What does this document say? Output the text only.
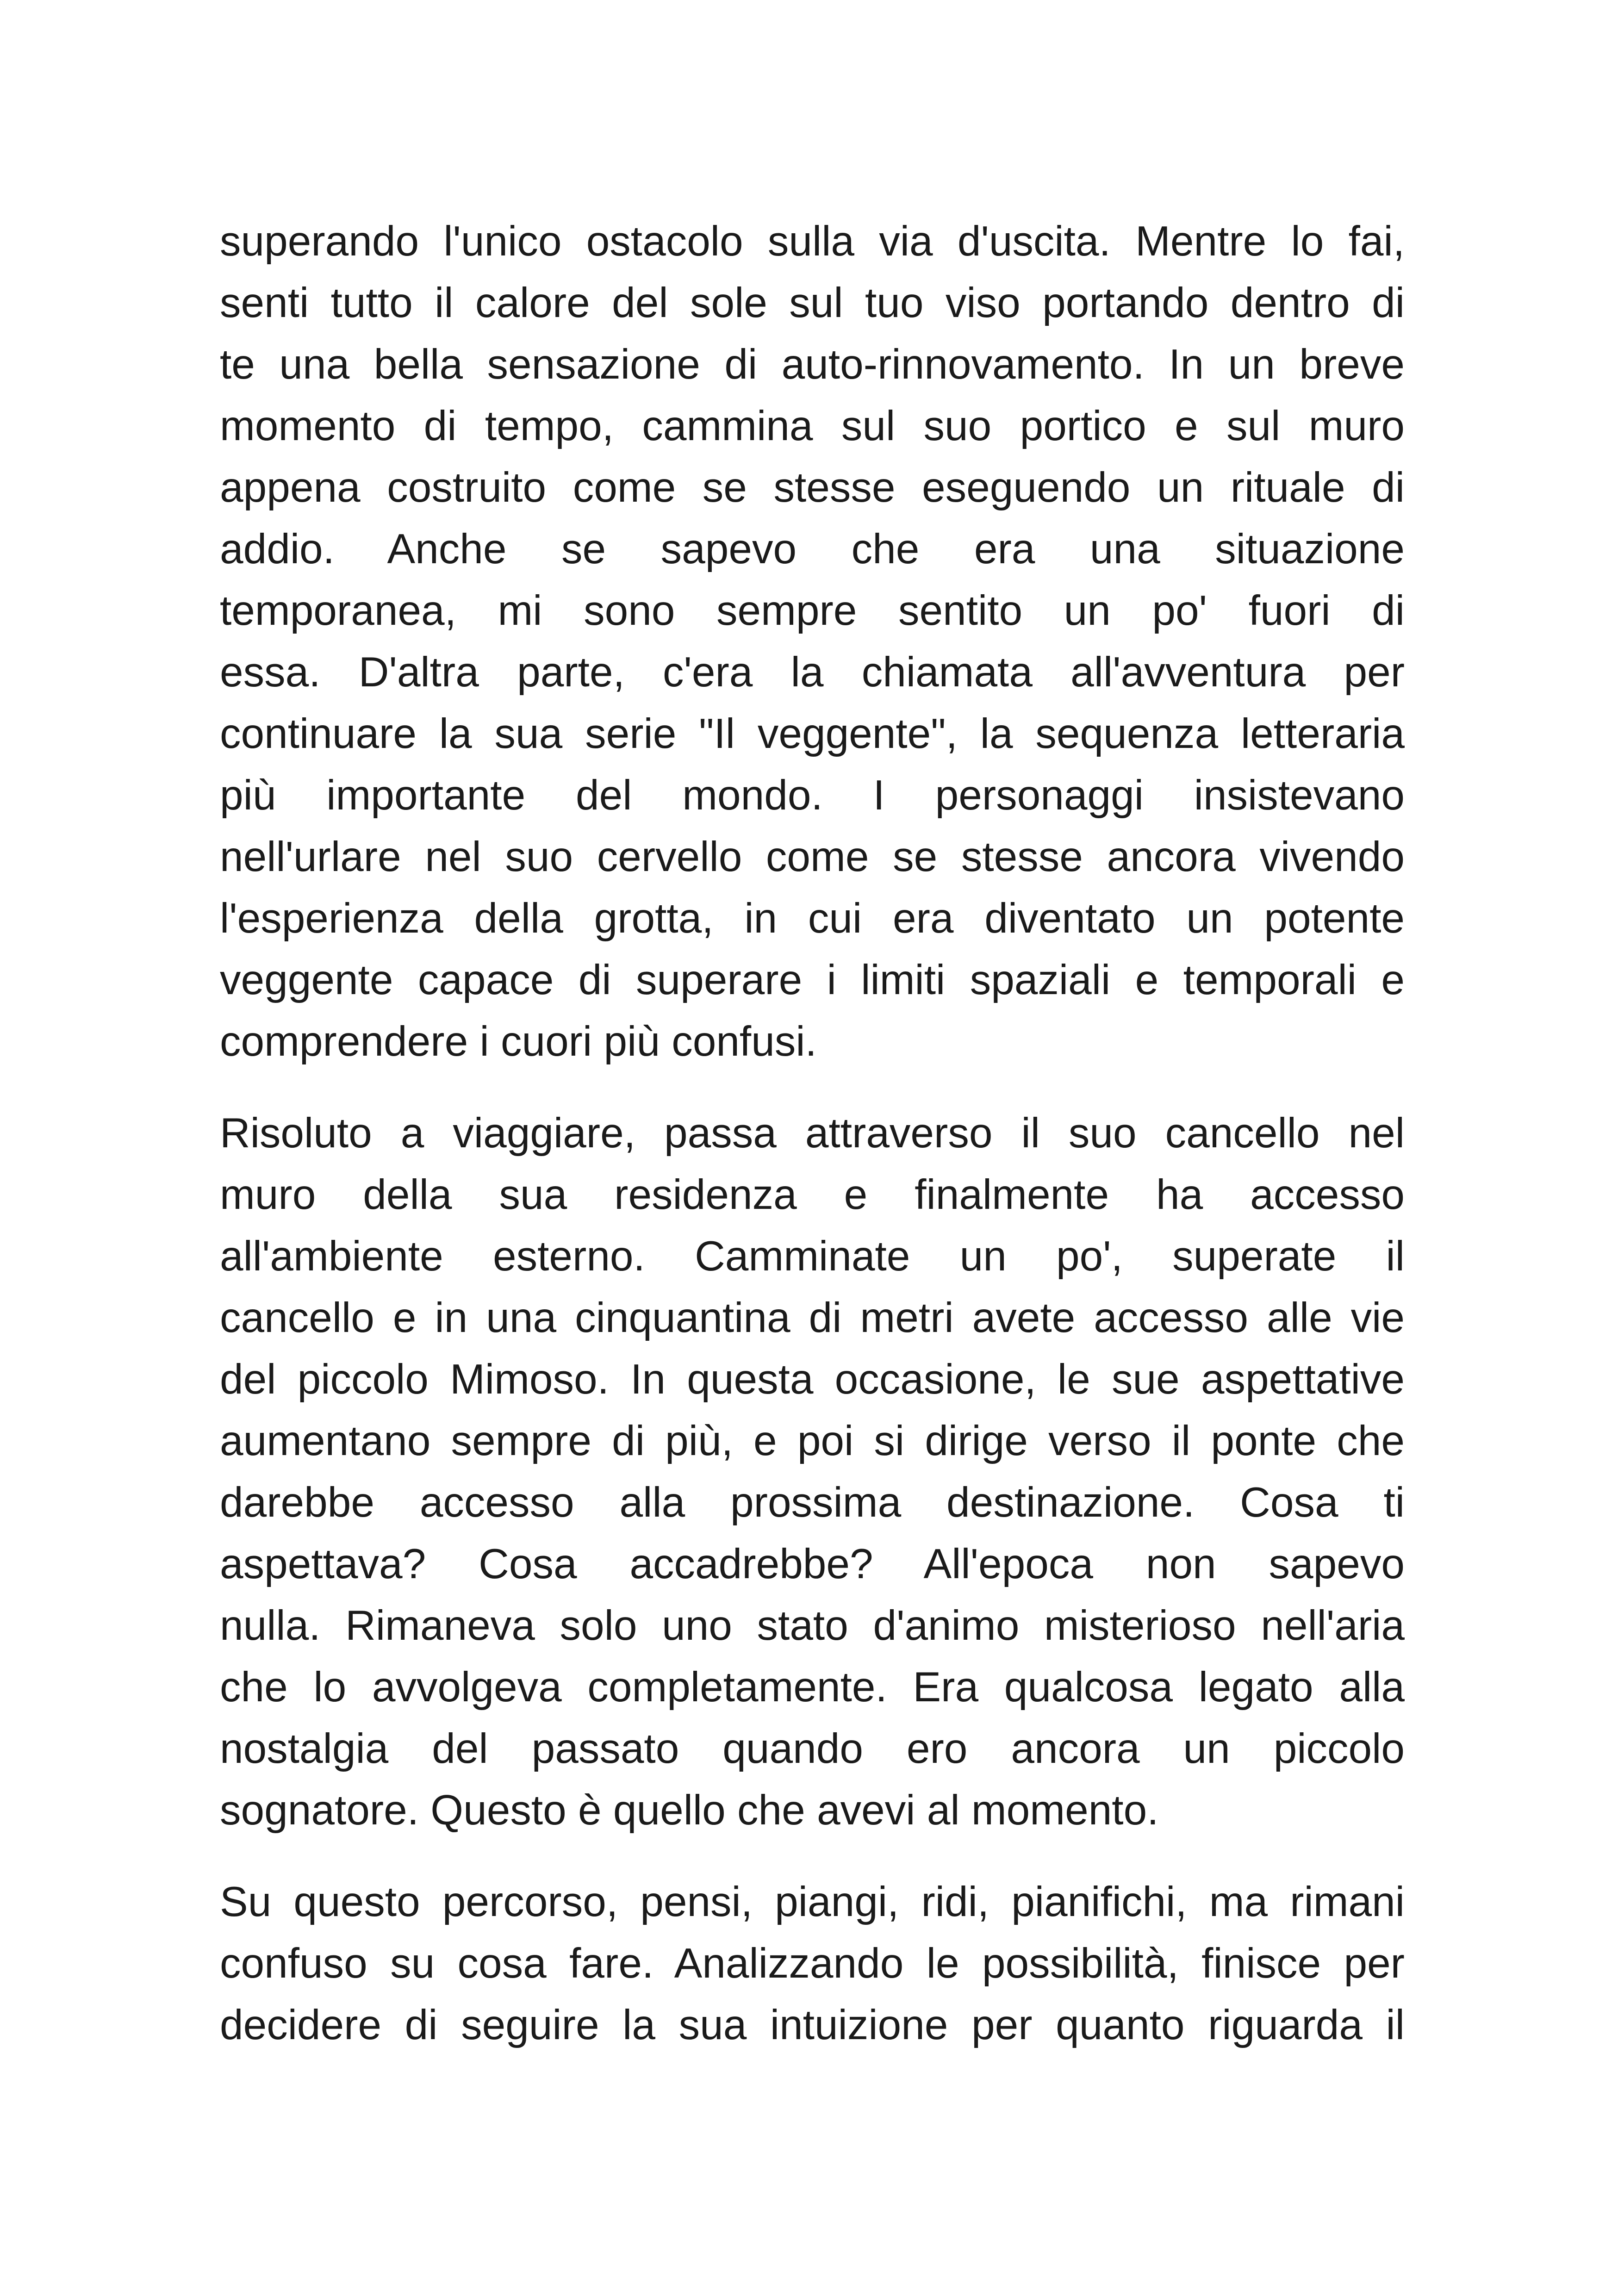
superando l'unico ostacolo sulla via d'uscita. Mentre lo fai,
senti tutto il calore del sole sul tuo viso portando dentro di
te una bella sensazione di auto-rinnovamento. In un breve
momento di tempo, cammina sul suo portico e sul muro
appena costruito come se stesse eseguendo un rituale di
addio. Anche se sapevo che era una situazione
temporanea, mi sono sempre sentito un po' fuori di
essa. D'altra parte, c'era la chiamata all'avventura per
continuare la sua serie "Il veggente", la sequenza letteraria
più importante del mondo. I personaggi insistevano
nell'urlare nel suo cervello come se stesse ancora vivendo
l'esperienza della grotta, in cui era diventato un potente
veggente capace di superare i limiti spaziali e temporali e
comprendere i cuori più confusi.

Risoluto a viaggiare, passa attraverso il suo cancello nel
muro della sua residenza e finalmente ha accesso
all'ambiente esterno. Camminate un po', superate il
cancello e in una cinquantina di metri avete accesso alle vie
del piccolo Mimoso. In questa occasione, le sue aspettative
aumentano sempre di più, e poi si dirige verso il ponte che
darebbe accesso alla prossima destinazione. Cosa ti
aspettava? Cosa accadrebbe? All'epoca non sapevo
nulla. Rimaneva solo uno stato d'animo misterioso nell'aria
che lo avvolgeva completamente. Era qualcosa legato alla
nostalgia del passato quando ero ancora un piccolo
sognatore. Questo è quello che avevi al momento.

Su questo percorso, pensi, piangi, ridi, pianifichi, ma rimani
confuso su cosa fare. Analizzando le possibilità, finisce per
decidere di seguire la sua intuizione per quanto riguarda il
